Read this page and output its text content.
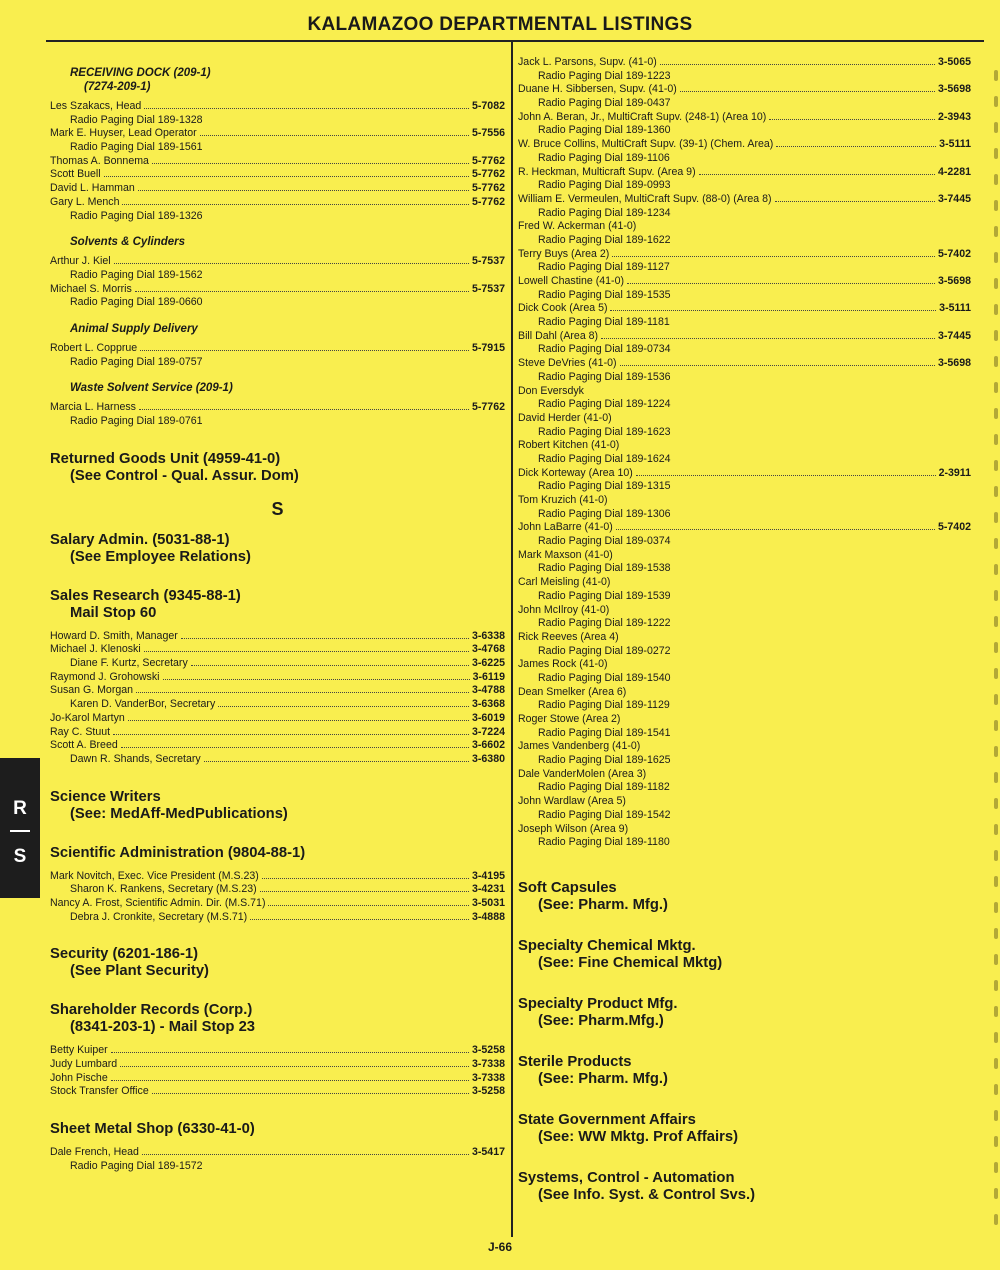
KALAMAZOO DEPARTMENTAL LISTINGS
RECEIVING DOCK (209-1)
(7274-209-1)
Les Szakacs, Head	5-7082
Radio Paging Dial 189-1328
Mark E. Huyser, Lead Operator	5-7556
Radio Paging Dial 189-1561
Thomas A. Bonnema	5-7762
Scott Buell	5-7762
David L. Hamman	5-7762
Gary L. Mench	5-7762
Radio Paging Dial 189-1326
Solvents & Cylinders
Arthur J. Kiel	5-7537
Radio Paging Dial 189-1562
Michael S. Morris	5-7537
Radio Paging Dial 189-0660
Animal Supply Delivery
Robert L. Copprue	5-7915
Radio Paging Dial 189-0757
Waste Solvent Service (209-1)
Marcia L. Harness	5-7762
Radio Paging Dial 189-0761
Returned Goods Unit (4959-41-0)
(See Control - Qual. Assur. Dom)
S
Salary Admin. (5031-88-1)
(See Employee Relations)
Sales Research (9345-88-1)
Mail Stop 60
Howard D. Smith, Manager	3-6338
Michael J. Klenoski	3-4768
Diane F. Kurtz, Secretary	3-6225
Raymond J. Grohowski	3-6119
Susan G. Morgan	3-4788
Karen D. VanderBor, Secretary	3-6368
Jo-Karol Martyn	3-6019
Ray C. Stuut	3-7224
Scott A. Breed	3-6602
Dawn R. Shands, Secretary	3-6380
Science Writers
(See: MedAff-MedPublications)
Scientific Administration (9804-88-1)
Mark Novitch, Exec. Vice President (M.S.23)	3-4195
Sharon K. Rankens, Secretary (M.S.23)	3-4231
Nancy A. Frost, Scientific Admin. Dir. (M.S.71)	3-5031
Debra J. Cronkite, Secretary (M.S.71)	3-4888
Security (6201-186-1)
(See Plant Security)
Shareholder Records (Corp.)
(8341-203-1) - Mail Stop 23
Betty Kuiper	3-5258
Judy Lumbard	3-7338
John Pische	3-7338
Stock Transfer Office	3-5258
Sheet Metal Shop (6330-41-0)
Dale French, Head	3-5417
Radio Paging Dial 189-1572
Jack L. Parsons, Supv. (41-0)	3-5065
Radio Paging Dial 189-1223
Duane H. Sibbersen, Supv. (41-0)	3-5698
Radio Paging Dial 189-0437
John A. Beran, Jr., MultiCraft Supv. (248-1) (Area 10)	2-3943
Radio Paging Dial 189-1360
W. Bruce Collins, MultiCraft Supv. (39-1) (Chem. Area)	3-5111
Radio Paging Dial 189-1106
R. Heckman, Multicraft Supv. (Area 9)	4-2281
Radio Paging Dial 189-0993
William E. Vermeulen, MultiCraft Supv. (88-0) (Area 8)	3-7445
Radio Paging Dial 189-1234
Fred W. Ackerman (41-0)
Radio Paging Dial 189-1622
Terry Buys (Area 2)	5-7402
Radio Paging Dial 189-1127
Lowell Chastine (41-0)	3-5698
Radio Paging Dial 189-1535
Dick Cook (Area 5)	3-5111
Radio Paging Dial 189-1181
Bill Dahl (Area 8)	3-7445
Radio Paging Dial 189-0734
Steve DeVries (41-0)	3-5698
Radio Paging Dial 189-1536
Don Eversdyk
Radio Paging Dial 189-1224
David Herder (41-0)
Radio Paging Dial 189-1623
Robert Kitchen (41-0)
Radio Paging Dial 189-1624
Dick Korteway (Area 10)	2-3911
Radio Paging Dial 189-1315
Tom Kruzich (41-0)
Radio Paging Dial 189-1306
John LaBarre (41-0)	5-7402
Radio Paging Dial 189-0374
Mark Maxson (41-0)
Radio Paging Dial 189-1538
Carl Meisling (41-0)
Radio Paging Dial 189-1539
John McIlroy (41-0)
Radio Paging Dial 189-1222
Rick Reeves (Area 4)
Radio Paging Dial 189-0272
James Rock (41-0)
Radio Paging Dial 189-1540
Dean Smelker (Area 6)
Radio Paging Dial 189-1129
Roger Stowe (Area 2)
Radio Paging Dial 189-1541
James Vandenberg (41-0)
Radio Paging Dial 189-1625
Dale VanderMolen (Area 3)
Radio Paging Dial 189-1182
John Wardlaw (Area 5)
Radio Paging Dial 189-1542
Joseph Wilson (Area 9)
Radio Paging Dial 189-1180
Soft Capsules
(See: Pharm. Mfg.)
Specialty Chemical Mktg.
(See: Fine Chemical Mktg)
Specialty Product Mfg.
(See: Pharm.Mfg.)
Sterile Products
(See: Pharm. Mfg.)
State Government Affairs
(See: WW Mktg. Prof Affairs)
Systems, Control - Automation
(See Info. Syst. & Control Svs.)
R
S
J-66
